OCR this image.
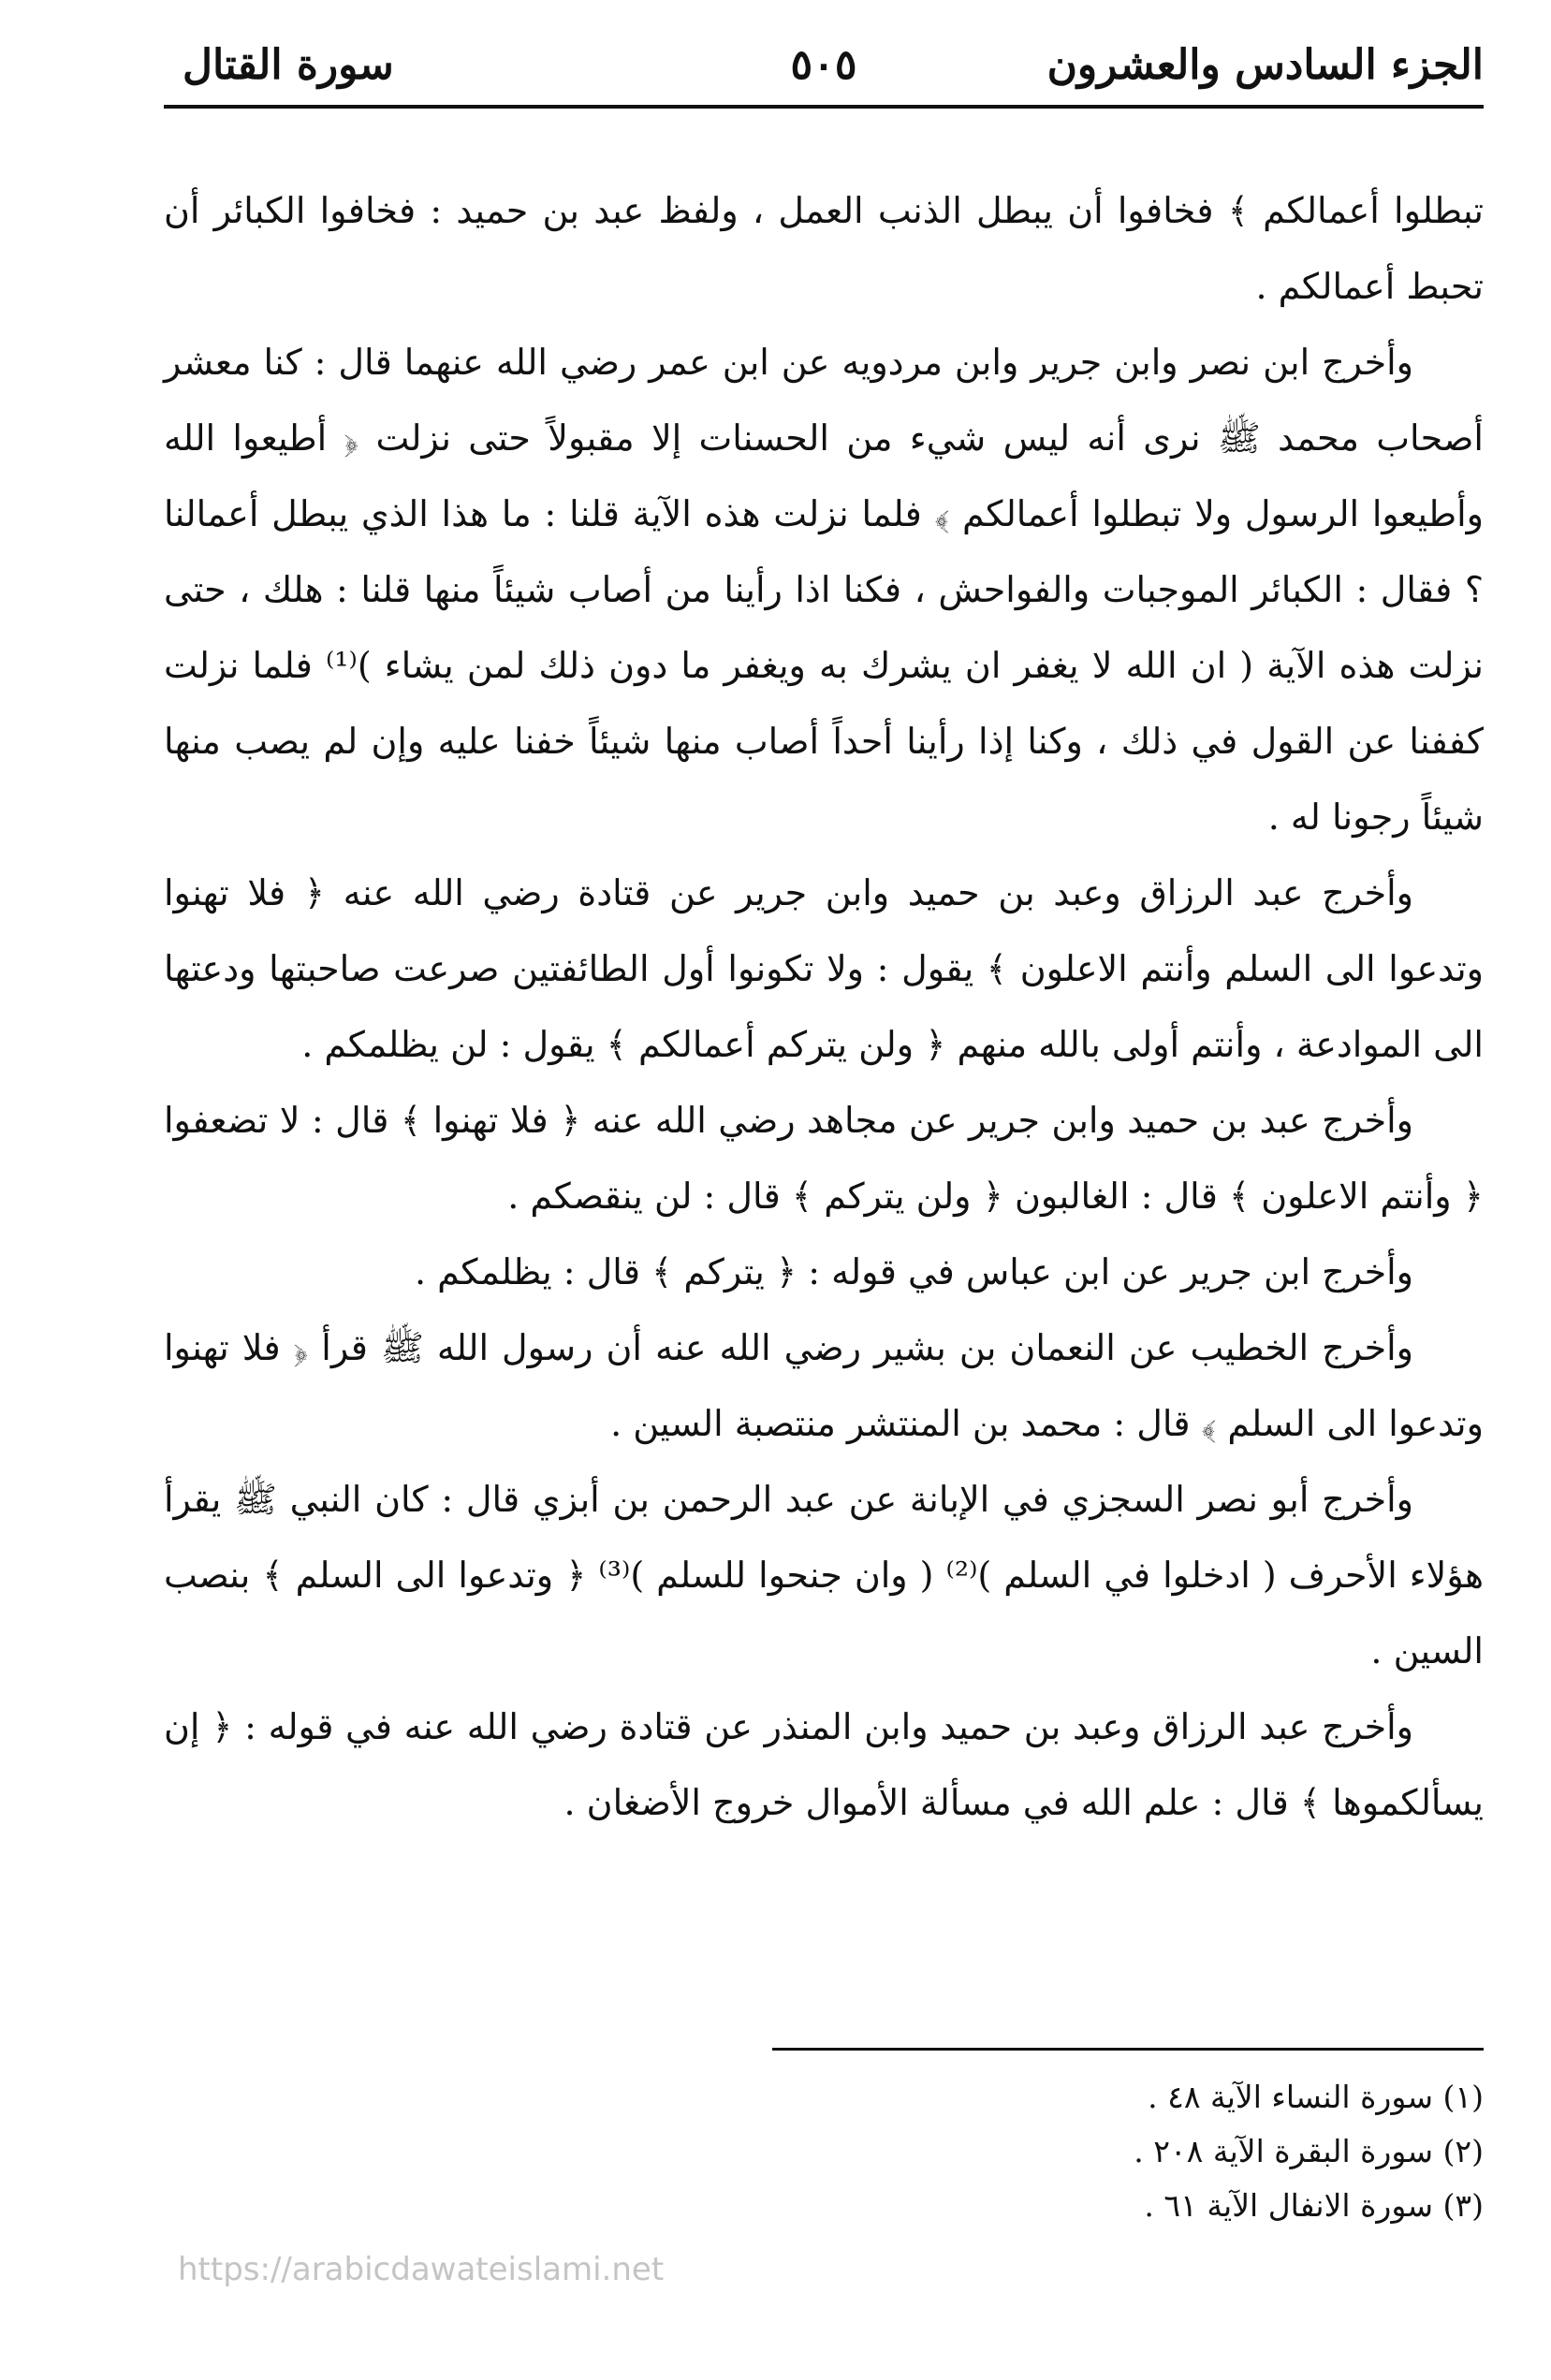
الجزء السادس والعشرون
٥٠٥
سورة القتال

تبطلوا أعمالكم ﴾ فخافوا أن يبطل الذنب العمل ، ولفظ عبد بن حميد : فخافوا الكبائر أن تحبط أعمالكم .

وأخرج ابن نصر وابن جرير وابن مردويه عن ابن عمر رضي الله عنهما قال : كنا معشر أصحاب محمد ﷺ نرى أنه ليس شيء من الحسنات إلا مقبولاً حتى نزلت ﴿ أطيعوا الله وأطيعوا الرسول ولا تبطلوا أعمالكم ﴾ فلما نزلت هذه الآية قلنا : ما هذا الذي يبطل أعمالنا ؟ فقال : الكبائر الموجبات والفواحش ، فكنا اذا رأينا من أصاب شيئاً منها قلنا : هلك ، حتى نزلت هذه الآية ( ان الله لا يغفر ان يشرك به ويغفر ما دون ذلك لمن يشاء )⁽¹⁾ فلما نزلت كففنا عن القول في ذلك ، وكنا إذا رأينا أحداً أصاب منها شيئاً خفنا عليه وإن لم يصب منها شيئاً رجونا له .

وأخرج عبد الرزاق وعبد بن حميد وابن جرير عن قتادة رضي الله عنه ﴿ فلا تهنوا وتدعوا الى السلم وأنتم الاعلون ﴾ يقول : ولا تكونوا أول الطائفتين صرعت صاحبتها ودعتها الى الموادعة ، وأنتم أولى بالله منهم ﴿ ولن يتركم أعمالكم ﴾ يقول : لن يظلمكم .

وأخرج عبد بن حميد وابن جرير عن مجاهد رضي الله عنه ﴿ فلا تهنوا ﴾ قال : لا تضعفوا ﴿ وأنتم الاعلون ﴾ قال : الغالبون ﴿ ولن يتركم ﴾ قال : لن ينقصكم .

وأخرج ابن جرير عن ابن عباس في قوله : ﴿ يتركم ﴾ قال : يظلمكم .

وأخرج الخطيب عن النعمان بن بشير رضي الله عنه أن رسول الله ﷺ قرأ ﴿ فلا تهنوا وتدعوا الى السلم ﴾ قال : محمد بن المنتشر منتصبة السين .

وأخرج أبو نصر السجزي في الإبانة عن عبد الرحمن بن أبزي قال : كان النبي ﷺ يقرأ هؤلاء الأحرف ( ادخلوا في السلم )⁽²⁾ ( وان جنحوا للسلم )⁽³⁾ ﴿ وتدعوا الى السلم ﴾ بنصب السين .

وأخرج عبد الرزاق وعبد بن حميد وابن المنذر عن قتادة رضي الله عنه في قوله : ﴿ إن يسألكموها ﴾ قال : علم الله في مسألة الأموال خروج الأضغان .

(١) سورة النساء الآية ٤٨ .

(٢) سورة البقرة الآية ٢٠٨ .

(٣) سورة الانفال الآية ٦١ .

https://arabicdawateislami.net
